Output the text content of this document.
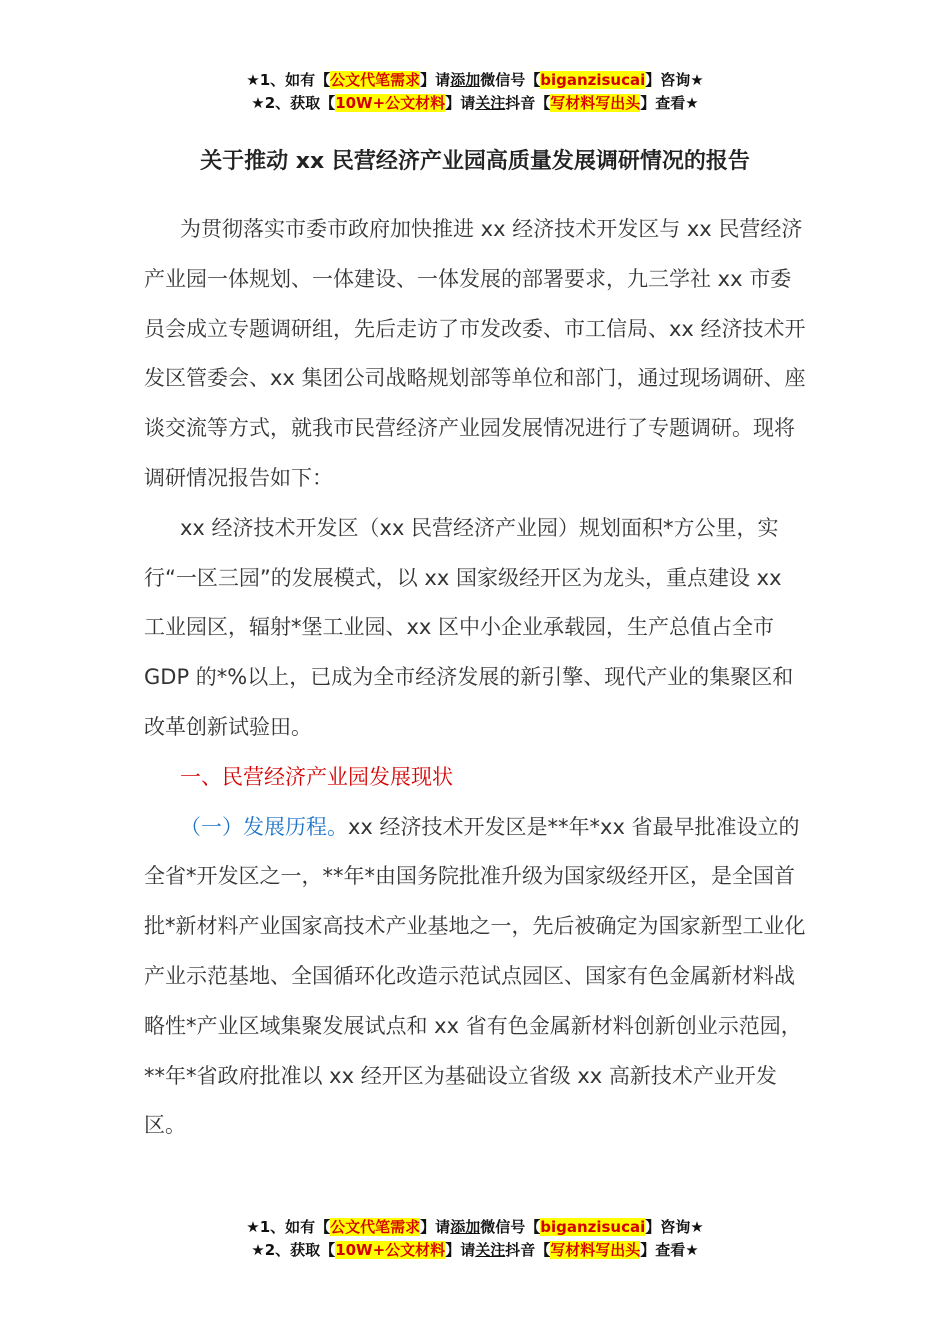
★1、如有【公文代笔需求】请添加微信号【biganzisucai】咨询★
★2、获取【10W+公文材料】请关注抖音【写材料写出头】查看★
关于推动 xx 民营经济产业园高质量发展调研情况的报告

为贯彻落实市委市政府加快推进 xx 经济技术开发区与 xx 民营经济产业园一体规划、一体建设、一体发展的部署要求，九三学社 xx 市委员会成立专题调研组，先后走访了市发改委、市工信局、xx 经济技术开发区管委会、xx 集团公司战略规划部等单位和部门，通过现场调研、座谈交流等方式，就我市民营经济产业园发展情况进行了专题调研。现将调研情况报告如下：

xx 经济技术开发区（xx 民营经济产业园）规划面积*方公里，实行“一区三园”的发展模式，以 xx 国家级经开区为龙头，重点建设 xx 工业园区，辐射*堡工业园、xx 区中小企业承载园，生产总值占全市 GDP 的*%以上，已成为全市经济发展的新引擎、现代产业的集聚区和改革创新试验田。

一、民营经济产业园发展现状

（一）发展历程。xx 经济技术开发区是**年*xx 省最早批准设立的全省*开发区之一，**年*由国务院批准升级为国家级经开区，是全国首批*新材料产业国家高技术产业基地之一，先后被确定为国家新型工业化产业示范基地、全国循环化改造示范试点园区、国家有色金属新材料战略性*产业区域集聚发展试点和 xx 省有色金属新材料创新创业示范园，**年*省政府批准以 xx 经开区为基础设立省级 xx 高新技术产业开发区。

★1、如有【公文代笔需求】请添加微信号【biganzisucai】咨询★
★2、获取【10W+公文材料】请关注抖音【写材料写出头】查看★
